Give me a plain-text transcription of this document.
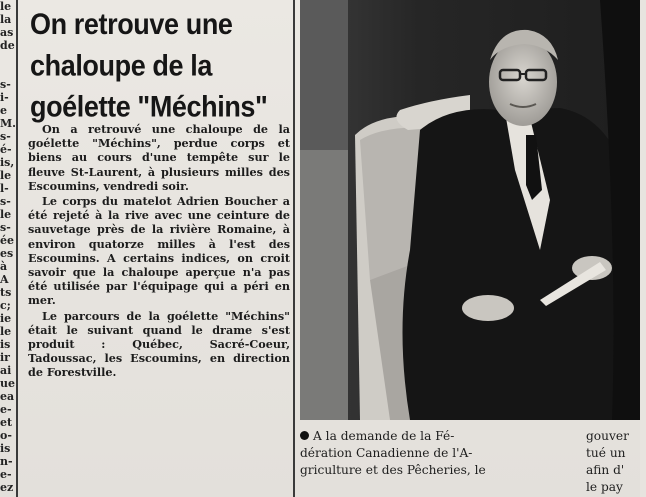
le
la
as
de
s-
i-
e
M.
s-
é-
is,
le
l-
s-
le
s-
ée
es
à
A
ts
c;
ie
le
is
ir
ai
ue
ea
e-
et
o-
is
n-
e-
ez
On retrouve une
chaloupe de la
goélette "Méchins"

On a retrouvé une chaloupe de la goélette "Méchins", perdue corps et biens au cours d'une tempête sur le fleuve St-Laurent, à plusieurs milles des Escoumins, vendredi soir.

Le corps du matelot Adrien Boucher a été rejeté à la rive avec une ceinture de sauvetage près de la rivière Romaine, à environ quatorze milles à l'est des Escoumins. A certains indices, on croit savoir que la chaloupe aperçue n'a pas été utilisée par l'équipage qui a péri en mer.

Le parcours de la goélette "Méchins" était le suivant quand le drame s'est produit : Québec, Sacré-Coeur, Tadoussac, les Escoumins, en direction de Forestville.

A la demande de la Fé-
dération Canadienne de l'A-
griculture et des Pêcheries, le
gouver
tué un
afin d'
le pay
